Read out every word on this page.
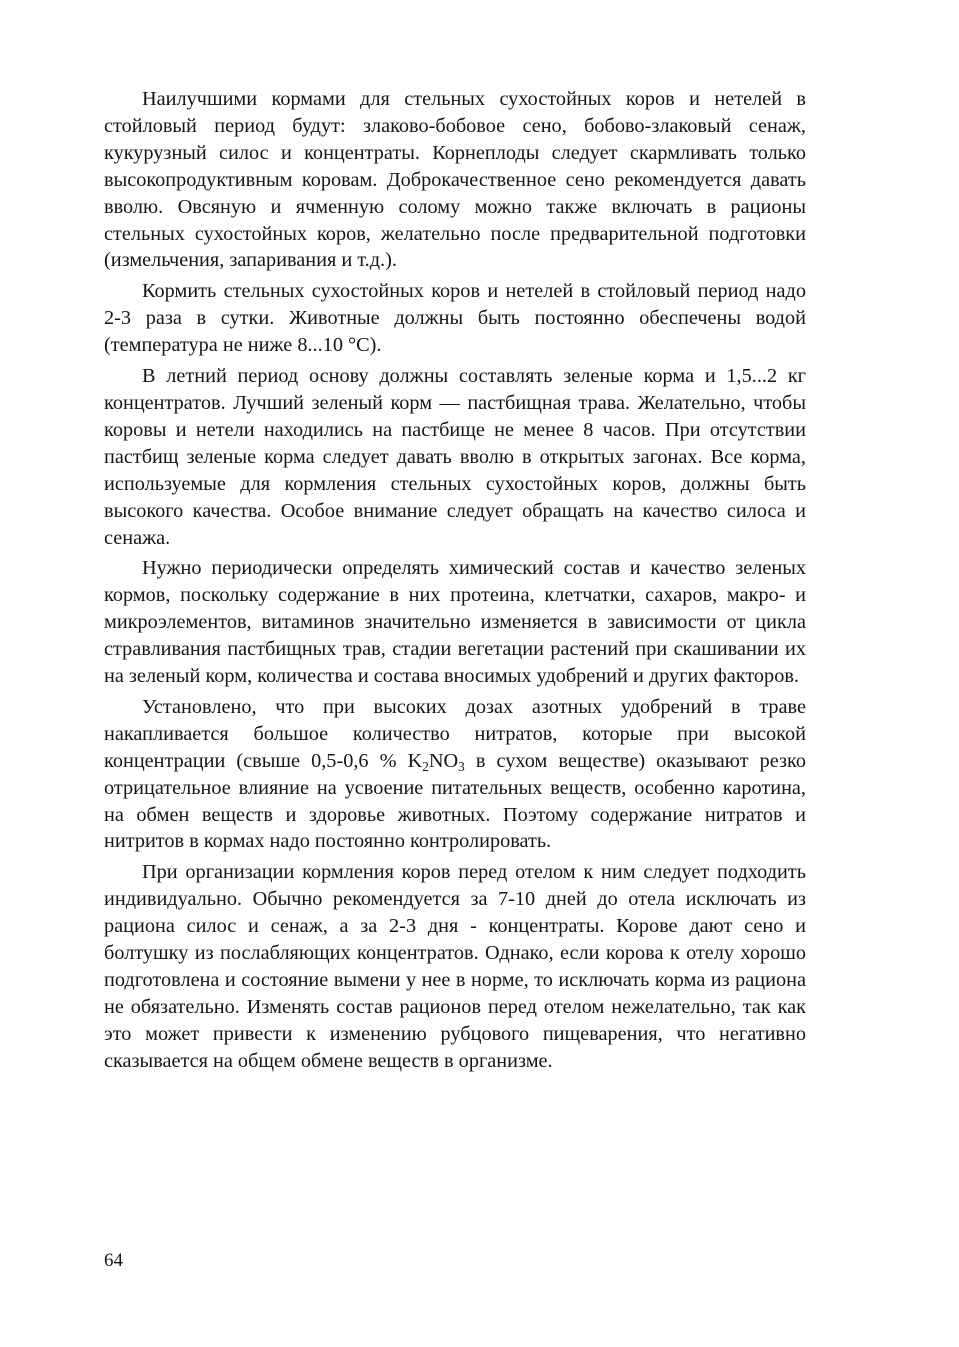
Наилучшими кормами для стельных сухостойных коров и нетелей в стойловый период будут: злаково-бобовое сено, бобово-злаковый сенаж, кукурузный силос и концентраты. Корнеплоды следует скармливать только высокопродуктивным коровам. Доброкачественное сено рекомендуется давать вволю. Овсяную и ячменную солому можно также включать в рационы стельных сухостойных коров, желательно после предварительной подготовки (измельчения, запаривания и т.д.).

Кормить стельных сухостойных коров и нетелей в стойловый период надо 2-3 раза в сутки. Животные должны быть постоянно обеспечены водой (температура не ниже 8...10 °С).

В летний период основу должны составлять зеленые корма и 1,5...2 кг концентратов. Лучший зеленый корм — пастбищная трава. Желательно, чтобы коровы и нетели находились на пастбище не менее 8 часов. При отсутствии пастбищ зеленые корма следует давать вволю в открытых загонах. Все корма, используемые для кормления стельных сухостойных коров, должны быть высокого качества. Особое внимание следует обращать на качество силоса и сенажа.

Нужно периодически определять химический состав и качество зеленых кормов, поскольку содержание в них протеина, клетчатки, сахаров, макро- и микроэлементов, витаминов значительно изменяется в зависимости от цикла стравливания пастбищных трав, стадии вегетации растений при скашивании их на зеленый корм, количества и состава вносимых удобрений и других факторов.

Установлено, что при высоких дозах азотных удобрений в траве накапливается большое количество нитратов, которые при высокой концентрации (свыше 0,5-0,6 % $K_2NO_3$ в сухом веществе) оказывают резко отрицательное влияние на усвоение питательных веществ, особенно каротина, на обмен веществ и здоровье животных. Поэтому содержание нитратов и нитритов в кормах надо постоянно контролировать.

При организации кормления коров перед отелом к ним следует подходить индивидуально. Обычно рекомендуется за 7-10 дней до отела исключать из рациона силос и сенаж, а за 2-3 дня - концентраты. Корове дают сено и болтушку из послабляющих концентратов. Однако, если корова к отелу хорошо подготовлена и состояние вымени у нее в норме, то исключать корма из рациона не обязательно. Изменять состав рационов перед отелом нежелательно, так как это может привести к изменению рубцового пищеварения, что негативно сказывается на общем обмене веществ в организме.

64
